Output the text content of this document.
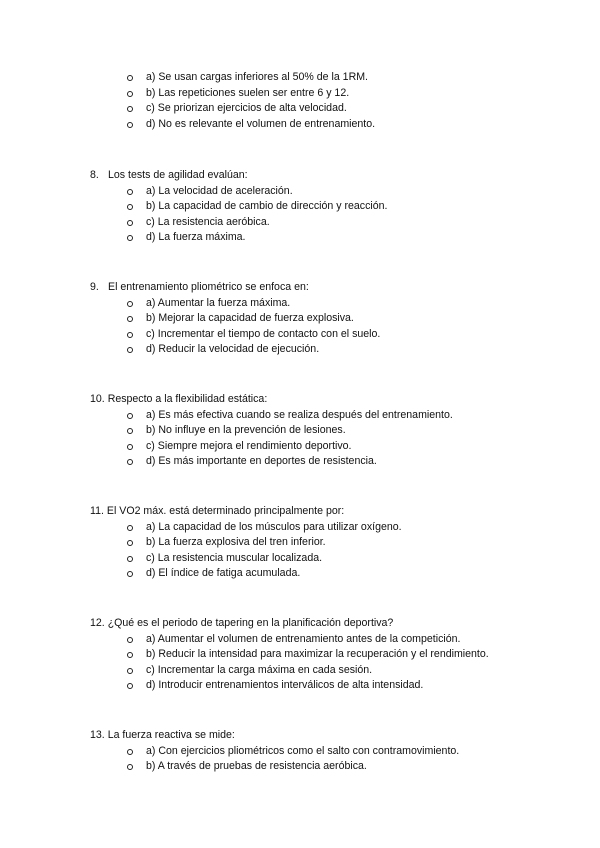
a) Se usan cargas inferiores al 50% de la 1RM.
b) Las repeticiones suelen ser entre 6 y 12.
c) Se priorizan ejercicios de alta velocidad.
d) No es relevante el volumen de entrenamiento.
8. Los tests de agilidad evalúan:
a) La velocidad de aceleración.
b) La capacidad de cambio de dirección y reacción.
c) La resistencia aeróbica.
d) La fuerza máxima.
9. El entrenamiento pliométrico se enfoca en:
a) Aumentar la fuerza máxima.
b) Mejorar la capacidad de fuerza explosiva.
c) Incrementar el tiempo de contacto con el suelo.
d) Reducir la velocidad de ejecución.
10. Respecto a la flexibilidad estática:
a) Es más efectiva cuando se realiza después del entrenamiento.
b) No influye en la prevención de lesiones.
c) Siempre mejora el rendimiento deportivo.
d) Es más importante en deportes de resistencia.
11. El VO2 máx. está determinado principalmente por:
a) La capacidad de los músculos para utilizar oxígeno.
b) La fuerza explosiva del tren inferior.
c) La resistencia muscular localizada.
d) El índice de fatiga acumulada.
12. ¿Qué es el periodo de tapering en la planificación deportiva?
a) Aumentar el volumen de entrenamiento antes de la competición.
b) Reducir la intensidad para maximizar la recuperación y el rendimiento.
c) Incrementar la carga máxima en cada sesión.
d) Introducir entrenamientos interválicos de alta intensidad.
13. La fuerza reactiva se mide:
a) Con ejercicios pliométricos como el salto con contramovimiento.
b) A través de pruebas de resistencia aeróbica.
